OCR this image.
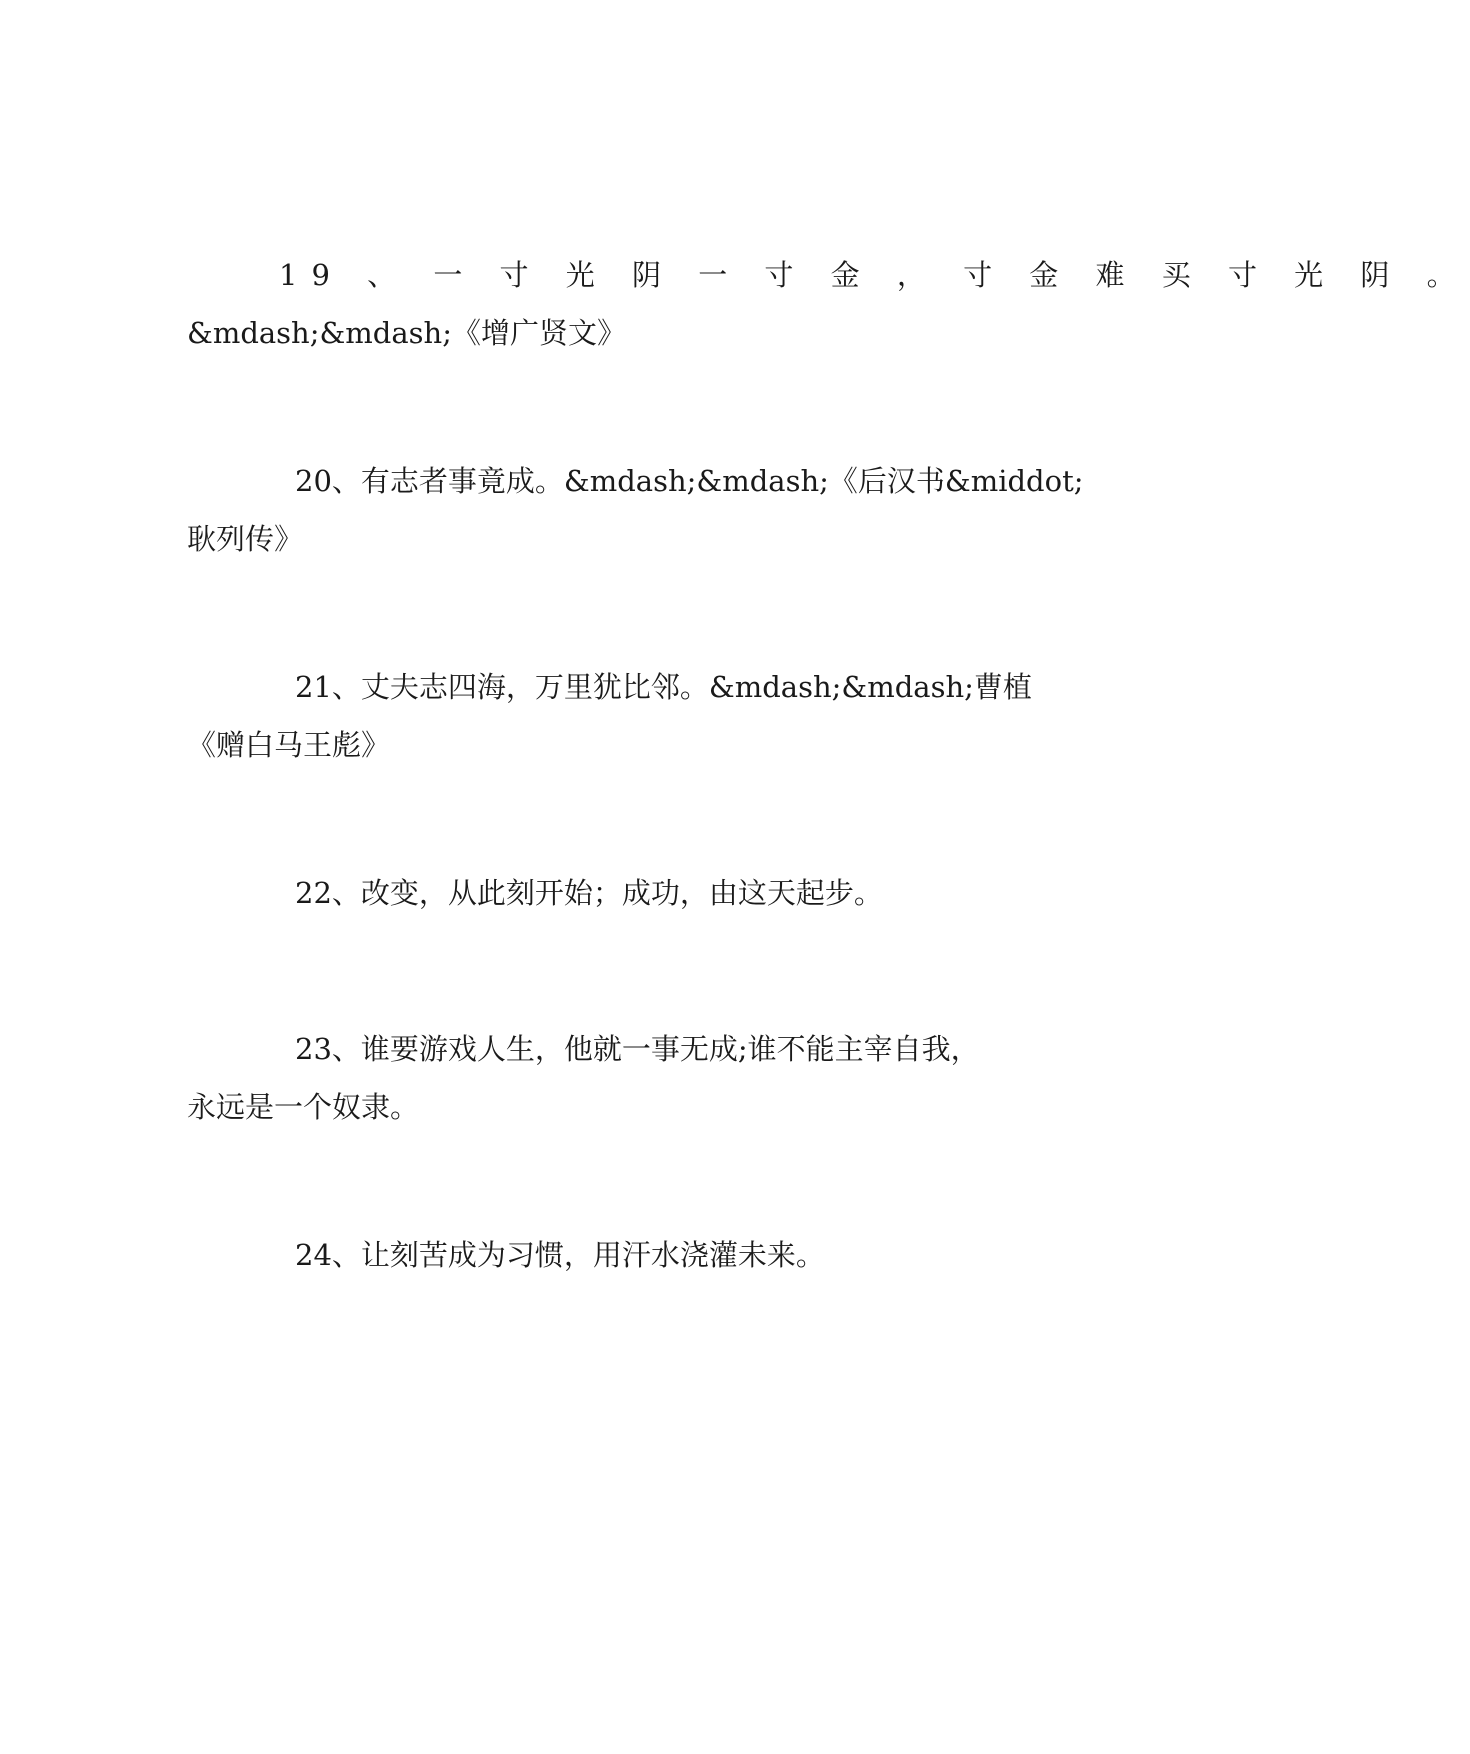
19 、 一 寸 光 阴 一 寸 金 ， 寸 金 难 买 寸 光 阴 。
&mdash;&mdash;《增广贤文》
20、有志者事竟成。&mdash;&mdash;《后汉书&middot;
耿列传》
21、丈夫志四海，万里犹比邻。&mdash;&mdash;曹植
《赠白马王彪》
22、改变，从此刻开始；成功，由这天起步。
23、谁要游戏人生，他就一事无成;谁不能主宰自我，
永远是一个奴隶。
24、让刻苦成为习惯，用汗水浇灌未来。
